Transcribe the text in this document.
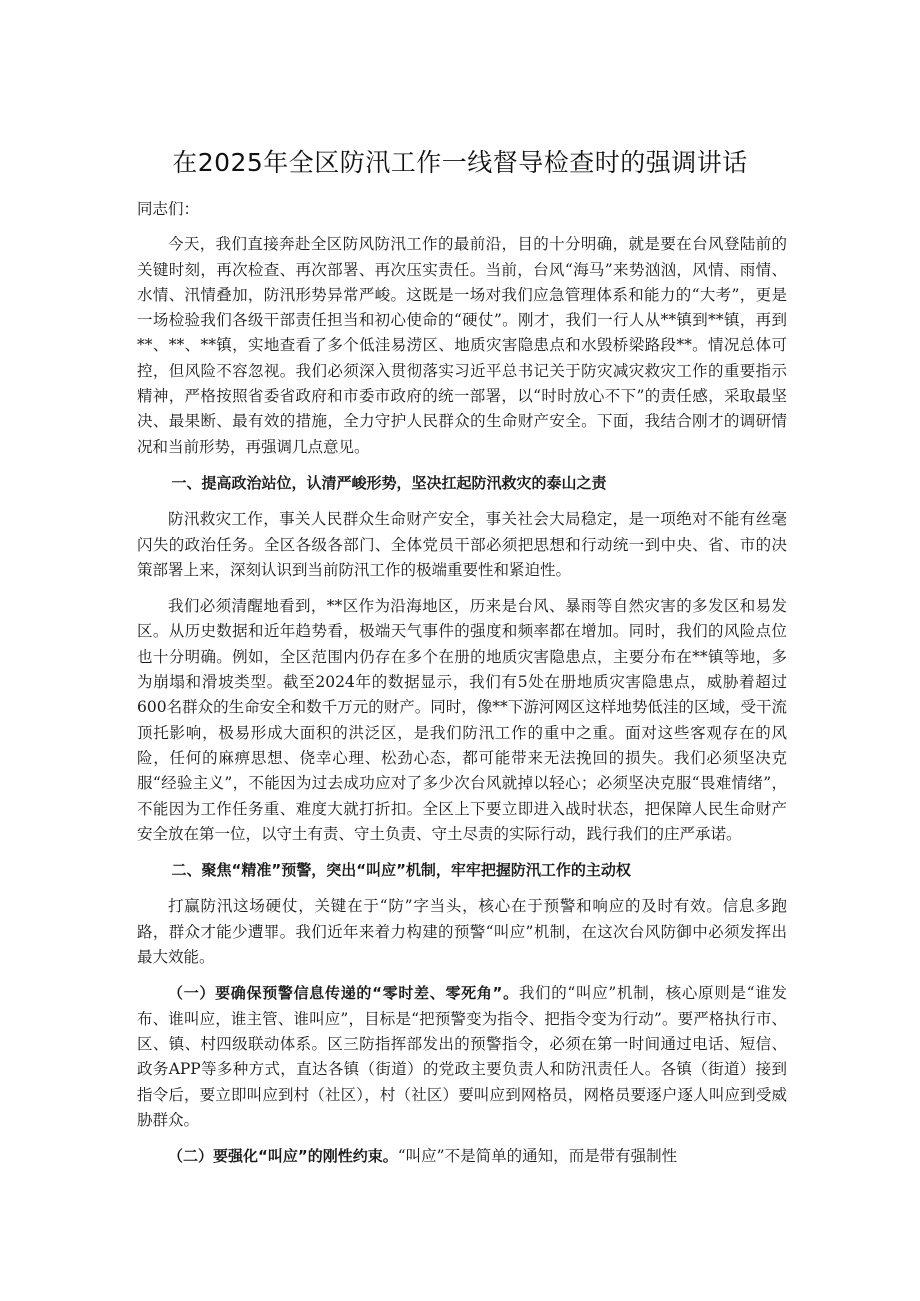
在2025年全区防汛工作一线督导检查时的强调讲话

同志们：

今天，我们直接奔赴全区防风防汛工作的最前沿，目的十分明确，就是要在台风登陆前的关键时刻，再次检查、再次部署、再次压实责任。当前，台风“海马”来势汹汹，风情、雨情、水情、汛情叠加，防汛形势异常严峻。这既是一场对我们应急管理体系和能力的“大考”，更是一场检验我们各级干部责任担当和初心使命的“硬仗”。刚才，我们一行人从**镇到**镇，再到**、**、**镇，实地查看了多个低洼易涝区、地质灾害隐患点和水毁桥梁路段**。情况总体可控，但风险不容忽视。我们必须深入贯彻落实习近平总书记关于防灾减灾救灾工作的重要指示精神，严格按照省委省政府和市委市政府的统一部署，以“时时放心不下”的责任感，采取最坚决、最果断、最有效的措施，全力守护人民群众的生命财产安全。下面，我结合刚才的调研情况和当前形势，再强调几点意见。

一、提高政治站位，认清严峻形势，坚决扛起防汛救灾的泰山之责

防汛救灾工作，事关人民群众生命财产安全，事关社会大局稳定，是一项绝对不能有丝毫闪失的政治任务。全区各级各部门、全体党员干部必须把思想和行动统一到中央、省、市的决策部署上来，深刻认识到当前防汛工作的极端重要性和紧迫性。

我们必须清醒地看到，**区作为沿海地区，历来是台风、暴雨等自然灾害的多发区和易发区。从历史数据和近年趋势看，极端天气事件的强度和频率都在增加。同时，我们的风险点位也十分明确。例如，全区范围内仍存在多个在册的地质灾害隐患点，主要分布在**镇等地，多为崩塌和滑坡类型。截至2024年的数据显示，我们有5处在册地质灾害隐患点，威胁着超过600名群众的生命安全和数千万元的财产。同时，像**下游河网区这样地势低洼的区域，受干流顶托影响，极易形成大面积的洪泛区，是我们防汛工作的重中之重。面对这些客观存在的风险，任何的麻痹思想、侥幸心理、松劲心态，都可能带来无法挽回的损失。我们必须坚决克服“经验主义”，不能因为过去成功应对了多少次台风就掉以轻心；必须坚决克服“畏难情绪”，不能因为工作任务重、难度大就打折扣。全区上下要立即进入战时状态，把保障人民生命财产安全放在第一位，以守土有责、守土负责、守土尽责的实际行动，践行我们的庄严承诺。

二、聚焦“精准”预警，突出“叫应”机制，牢牢把握防汛工作的主动权

打赢防汛这场硬仗，关键在于“防”字当头，核心在于预警和响应的及时有效。信息多跑路，群众才能少遭罪。我们近年来着力构建的预警“叫应”机制，在这次台风防御中必须发挥出最大效能。

（一）要确保预警信息传递的“零时差、零死角”。我们的“叫应”机制，核心原则是“谁发布、谁叫应，谁主管、谁叫应”，目标是“把预警变为指令、把指令变为行动”。要严格执行市、区、镇、村四级联动体系。区三防指挥部发出的预警指令，必须在第一时间通过电话、短信、政务APP等多种方式，直达各镇（街道）的党政主要负责人和防汛责任人。各镇（街道）接到指令后，要立即叫应到村（社区），村（社区）要叫应到网格员，网格员要逐户逐人叫应到受威胁群众。

（二）要强化“叫应”的刚性约束。“叫应”不是简单的通知，而是带有强制性
